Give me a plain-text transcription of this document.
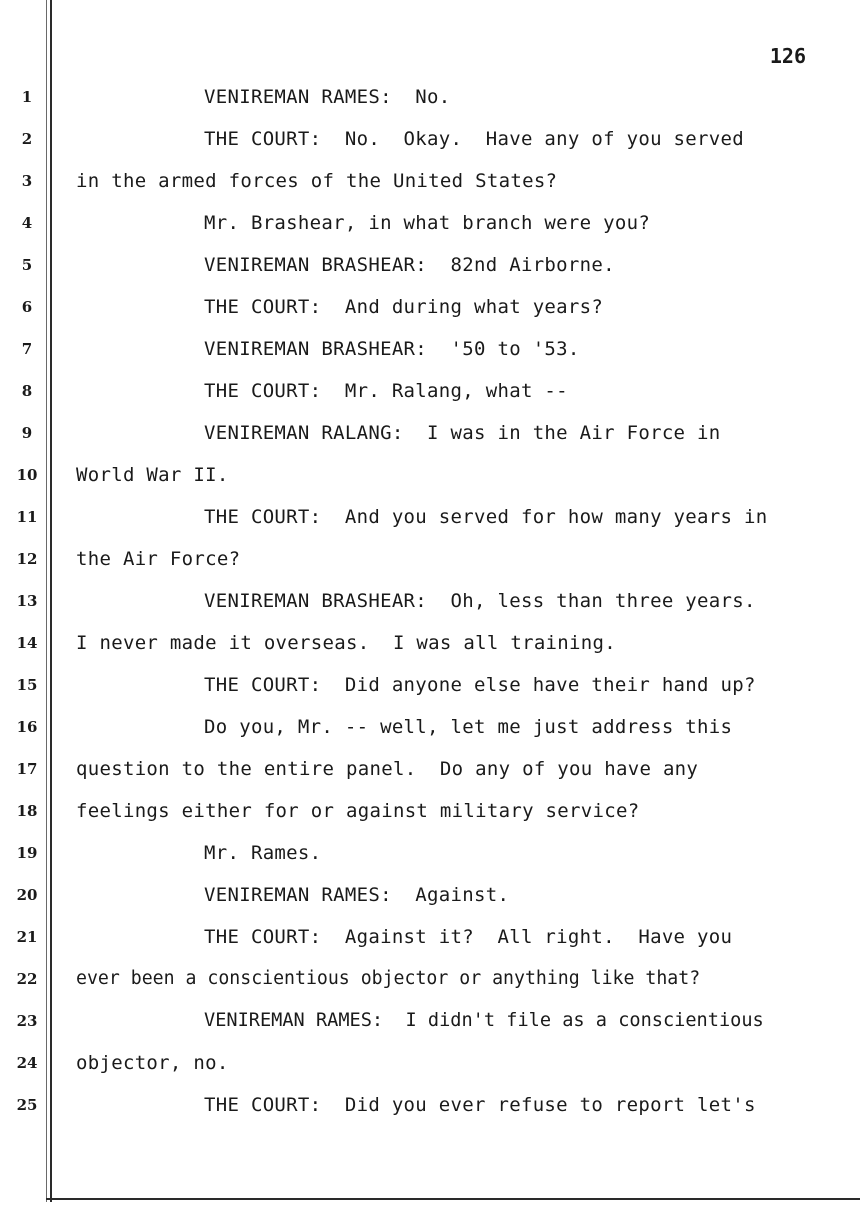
126
1
2
3
4
5
6
7
8
9
10
11
12
13
14
15
16
17
18
19
20
21
22
23
24
25
VENIREMAN RAMES:  No.
THE COURT:  No.  Okay.  Have any of you served
in the armed forces of the United States?
Mr. Brashear, in what branch were you?
VENIREMAN BRASHEAR:  82nd Airborne.
THE COURT:  And during what years?
VENIREMAN BRASHEAR:  '50 to '53.
THE COURT:  Mr. Ralang, what --
VENIREMAN RALANG:  I was in the Air Force in
World War II.
THE COURT:  And you served for how many years in
the Air Force?
VENIREMAN BRASHEAR:  Oh, less than three years.
I never made it overseas.  I was all training.
THE COURT:  Did anyone else have their hand up?
Do you, Mr. -- well, let me just address this
question to the entire panel.  Do any of you have any
feelings either for or against military service?
Mr. Rames.
VENIREMAN RAMES:  Against.
THE COURT:  Against it?  All right.  Have you
ever been a conscientious objector or anything like that?
VENIREMAN RAMES:  I didn't file as a conscientious
objector, no.
THE COURT:  Did you ever refuse to report let's
